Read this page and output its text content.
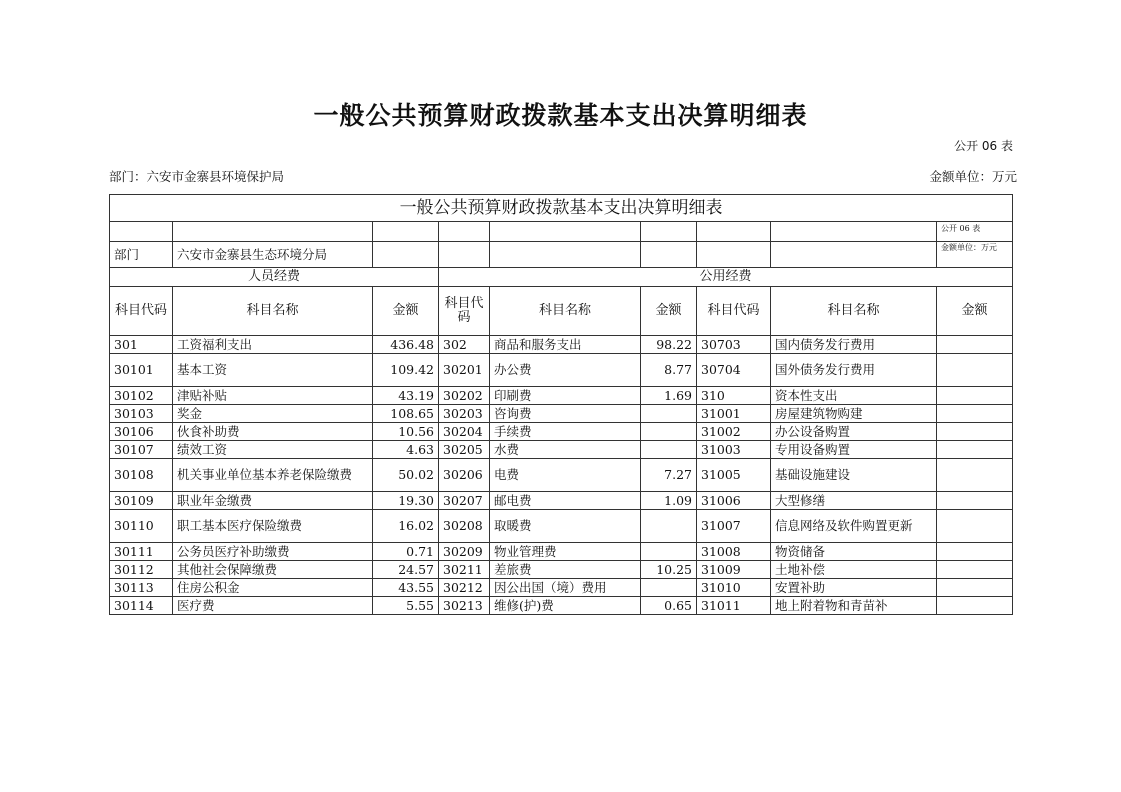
一般公共预算财政拨款基本支出决算明细表
公开 06 表
部门：六安市金寨县环境保护局	金额单位：万元
一般公共预算财政拨款基本支出决算明细表								
								公开 06 表
部门	六安市金寨县生态环境分局							金额单位：万元
人员经费			公用经费					
科目代码	科目名称	金额	科目代码	科目名称	金额	科目代码	科目名称	金额
301	工资福利支出	436.48	302	商品和服务支出	98.22	30703	国内债务发行费用	
30101	基本工资	109.42	30201	办公费	8.77	30704	国外债务发行费用	
30102	津贴补贴	43.19	30202	印刷费	1.69	310	资本性支出	
30103	奖金	108.65	30203	咨询费		31001	房屋建筑物购建	
30106	伙食补助费	10.56	30204	手续费		31002	办公设备购置	
30107	绩效工资	4.63	30205	水费		31003	专用设备购置	
30108	机关事业单位基本养老保险缴费	50.02	30206	电费	7.27	31005	基础设施建设	
30109	职业年金缴费	19.30	30207	邮电费	1.09	31006	大型修缮	
30110	职工基本医疗保险缴费	16.02	30208	取暖费		31007	信息网络及软件购置更新	
30111	公务员医疗补助缴费	0.71	30209	物业管理费		31008	物资储备	
30112	其他社会保障缴费	24.57	30211	差旅费	10.25	31009	土地补偿	
30113	住房公积金	43.55	30212	因公出国（境）费用		31010	安置补助	
30114	医疗费	5.55	30213	维修(护)费	0.65	31011	地上附着物和青苗补	
